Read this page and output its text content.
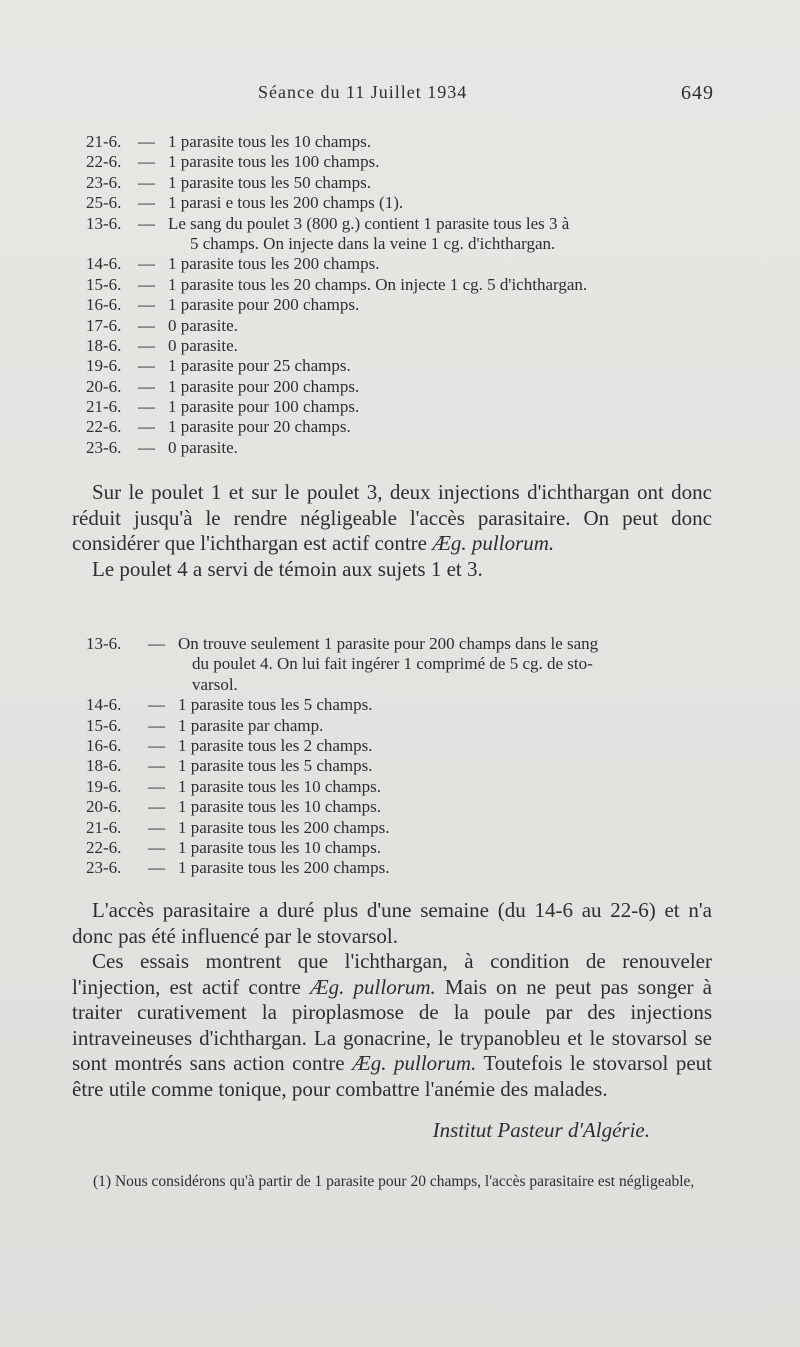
Séance du 11 Juillet 1934	649
21-6. — 1 parasite tous les 10 champs.
22-6. — 1 parasite tous les 100 champs.
23-6. — 1 parasite tous les 50 champs.
25-6. — 1 parasi e tous les 200 champs (1).
13-6. — Le sang du poulet 3 (800 g.) contient 1 parasite tous les 3 à
5 champs. On injecte dans la veine 1 cg. d'ichthargan.
14-6. — 1 parasite tous les 200 champs.
15-6. — 1 parasite tous les 20 champs. On injecte 1 cg. 5 d'ichthargan.
16-6. — 1 parasite pour 200 champs.
17-6. — 0 parasite.
18-6. — 0 parasite.
19-6. — 1 parasite pour 25 champs.
20-6. — 1 parasite pour 200 champs.
21-6. — 1 parasite pour 100 champs.
22-6. — 1 parasite pour 20 champs.
23-6. — 0 parasite.

Sur le poulet 1 et sur le poulet 3, deux injections d'ichthargan ont donc réduit jusqu'à le rendre négligeable l'accès parasitaire. On peut donc considérer que l'ichthargan est actif contre Æg. pullorum.

Le poulet 4 a servi de témoin aux sujets 1 et 3.

13-6.	— On trouve seulement 1 parasite pour 200 champs dans le sang
du poulet 4. On lui fait ingérer 1 comprimé de 5 cg. de sto-
varsol.
14-6.	— 1 parasite tous les 5 champs.
15-6.	— 1 parasite par champ.
16-6.	— 1 parasite tous les 2 champs.
18-6.	— 1 parasite tous les 5 champs.
19-6.	— 1 parasite tous les 10 champs.
20-6.	— 1 parasite tous les 10 champs.
21-6.	— 1 parasite tous les 200 champs.
22-6.	— 1 parasite tous les 10 champs.
23-6.	— 1 parasite tous les 200 champs.

L'accès parasitaire a duré plus d'une semaine (du 14-6 au 22-6) et n'a donc pas été influencé par le stovarsol.

Ces essais montrent que l'ichthargan, à condition de renouveler l'injection, est actif contre Æg. pullorum. Mais on ne peut pas songer à traiter curativement la piroplasmose de la poule par des injections intraveineuses d'ichthargan. La gonacrine, le trypanobleu et le stovarsol se sont montrés sans action contre Æg. pullorum. Toutefois le stovarsol peut être utile comme tonique, pour combattre l'anémie des malades.

Institut Pasteur d'Algérie.
(1) Nous considérons qu'à partir de 1 parasite pour 20 champs, l'accès parasitaire est négligeable,
